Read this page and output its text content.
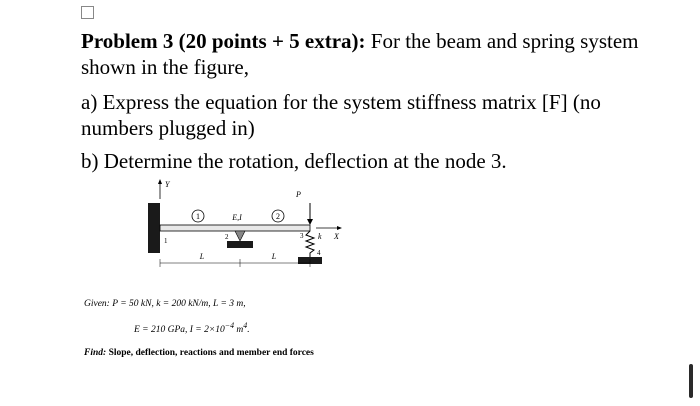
Problem 3 (20 points + 5 extra): For the beam and spring system shown in the figure,

a) Express the equation for the system stiffness matrix [F] (no numbers plugged in)

b) Determine the rotation, deflection at the node 3.

Y
1
1	E,I	2
2
P
3 k
4
X
L	L
Given: P = 50 kN, k = 200 kN/m, L = 3 m,
E = 210 GPa, $I = 2\times 10^{-4}$ $m^4$.
Find: Slope, deflection, reactions and member end forces
